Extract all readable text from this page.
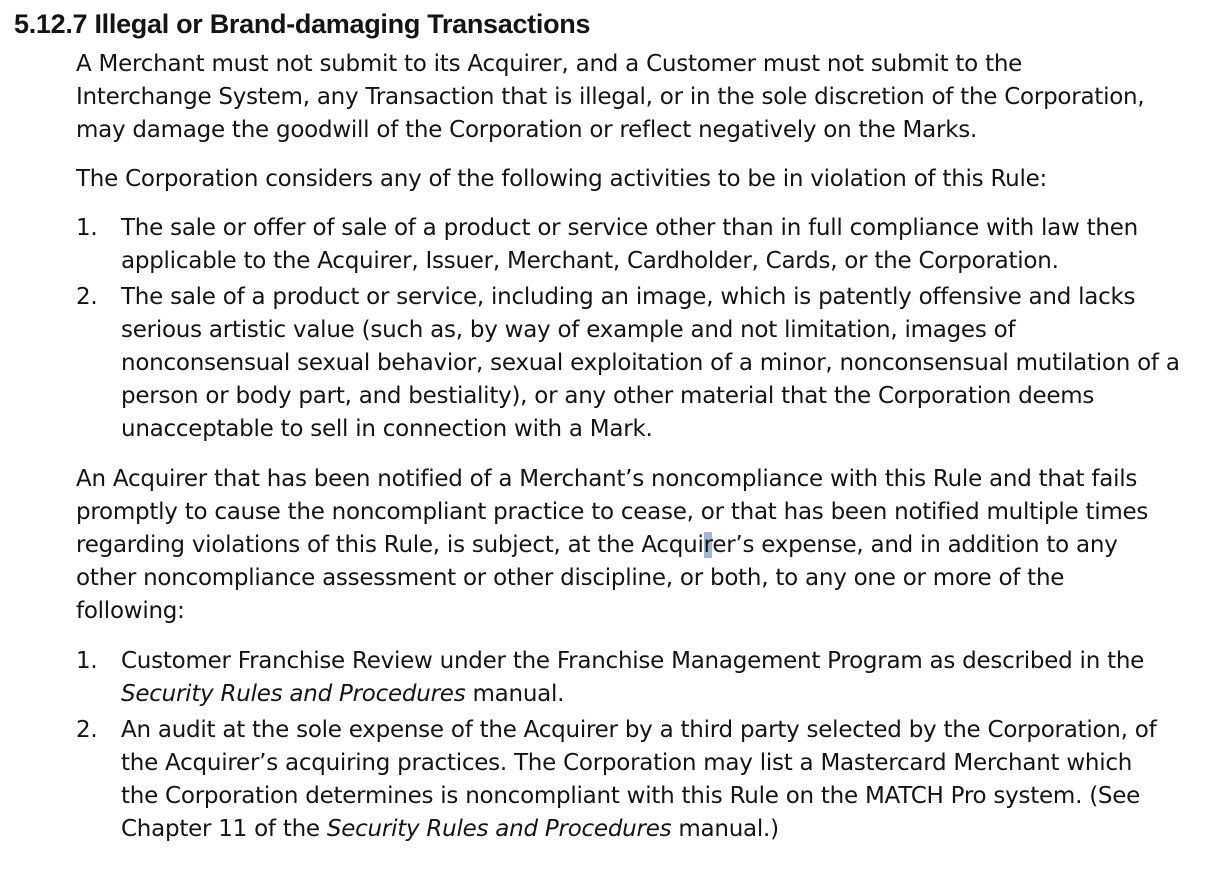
5.12.7 Illegal or Brand-damaging Transactions

A Merchant must not submit to its Acquirer, and a Customer must not submit to the
Interchange System, any Transaction that is illegal, or in the sole discretion of the Corporation,
may damage the goodwill of the Corporation or reflect negatively on the Marks.

The Corporation considers any of the following activities to be in violation of this Rule:

1.	The sale or offer of sale of a product or service other than in full compliance with law then
applicable to the Acquirer, Issuer, Merchant, Cardholder, Cards, or the Corporation.
2.	The sale of a product or service, including an image, which is patently offensive and lacks
serious artistic value (such as, by way of example and not limitation, images of
nonconsensual sexual behavior, sexual exploitation of a minor, nonconsensual mutilation of a
person or body part, and bestiality), or any other material that the Corporation deems
unacceptable to sell in connection with a Mark.

An Acquirer that has been notified of a Merchant’s noncompliance with this Rule and that fails
promptly to cause the noncompliant practice to cease, or that has been notified multiple times
regarding violations of this Rule, is subject, at the Acquirer’s expense, and in addition to any
other noncompliance assessment or other discipline, or both, to any one or more of the
following:

1.	Customer Franchise Review under the Franchise Management Program as described in the
Security Rules and Procedures manual.
2.	An audit at the sole expense of the Acquirer by a third party selected by the Corporation, of
the Acquirer’s acquiring practices. The Corporation may list a Mastercard Merchant which
the Corporation determines is noncompliant with this Rule on the MATCH Pro system. (See
Chapter 11 of the Security Rules and Procedures manual.)
